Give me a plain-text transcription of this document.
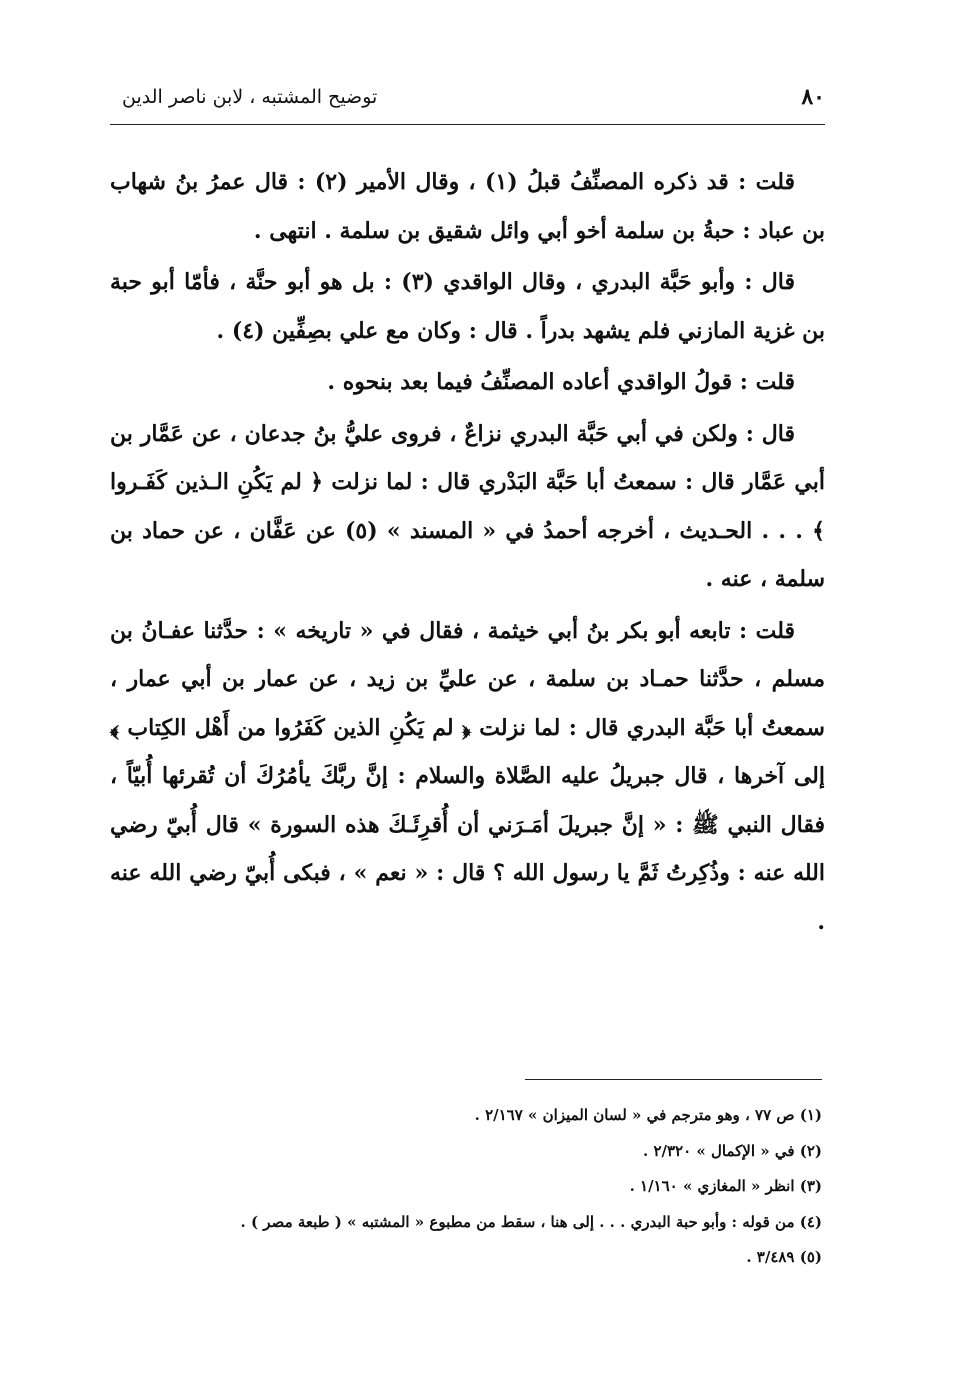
٨٠
توضيح المشتبه ، لابن ناصر الدين

قلت : قد ذكره المصنِّفُ قبلُ (١) ، وقال الأمير (٢) : قال عمرُ بنُ شهاب بن عباد : حبةُ بن سلمة أخو أبي وائل شقيق بن سلمة . انتهى .

قال : وأبو حَبَّة البدري ، وقال الواقدي (٣) : بل هو أبو حنَّة ، فأمّا أبو حبة بن غزية المازني فلم يشهد بدراً . قال : وكان مع علي بصِفِّين (٤) .

قلت : قولُ الواقدي أعاده المصنِّفُ فيما بعد بنحوه .

قال : ولكن في أبي حَبَّة البدري نزاعٌ ، فروى عليُّ بنُ جدعان ، عن عَمَّار بن أبي عَمَّار قال : سمعتُ أبا حَبَّة البَدْري قال : لما نزلت ﴿ لم يَكُنِ الـذين كَفَـروا ﴾ . . . الحـديث ، أخرجه أحمدُ في « المسند » (٥) عن عَفَّان ، عن حماد بن سلمة ، عنه .

قلت : تابعه أبو بكر بنُ أبي خيثمة ، فقال في « تاريخه » : حدَّثنا عفـانُ بن مسلم ، حدَّثنا حمـاد بن سلمة ، عن عليِّ بن زيد ، عن عمار بن أبي عمار ، سمعتُ أبا حَبَّة البدري قال : لما نزلت ﴿ لم يَكُنِ الذين كَفَرُوا من أَهْل الكِتاب ﴾ إلى آخرها ، قال جبريلُ عليه الصَّلاة والسلام : إنَّ ربَّكَ يأمُرُكَ أن تُقرئها أُبيّاً ، فقال النبي ﷺ : « إنَّ جبريلَ أمَـرَني أن أُقرِئَـكَ هذه السورة » قال أُبيّ رضي الله عنه : وذُكِرتُ ثَمَّ يا رسول الله ؟ قال : « نعم » ، فبكى أُبيّ رضي الله عنه .

(١) ص ٧٧ ، وهو مترجم في « لسان الميزان » ٢/١٦٧ .

(٢) في « الإكمال » ٢/٣٢٠ .

(٣) انظر « المغازي » ١/١٦٠ .

(٤) من قوله : وأبو حبة البدري . . . إلى هنا ، سقط من مطبوع « المشتبه » ( طبعة مصر ) .

(٥) ٣/٤٨٩ .
